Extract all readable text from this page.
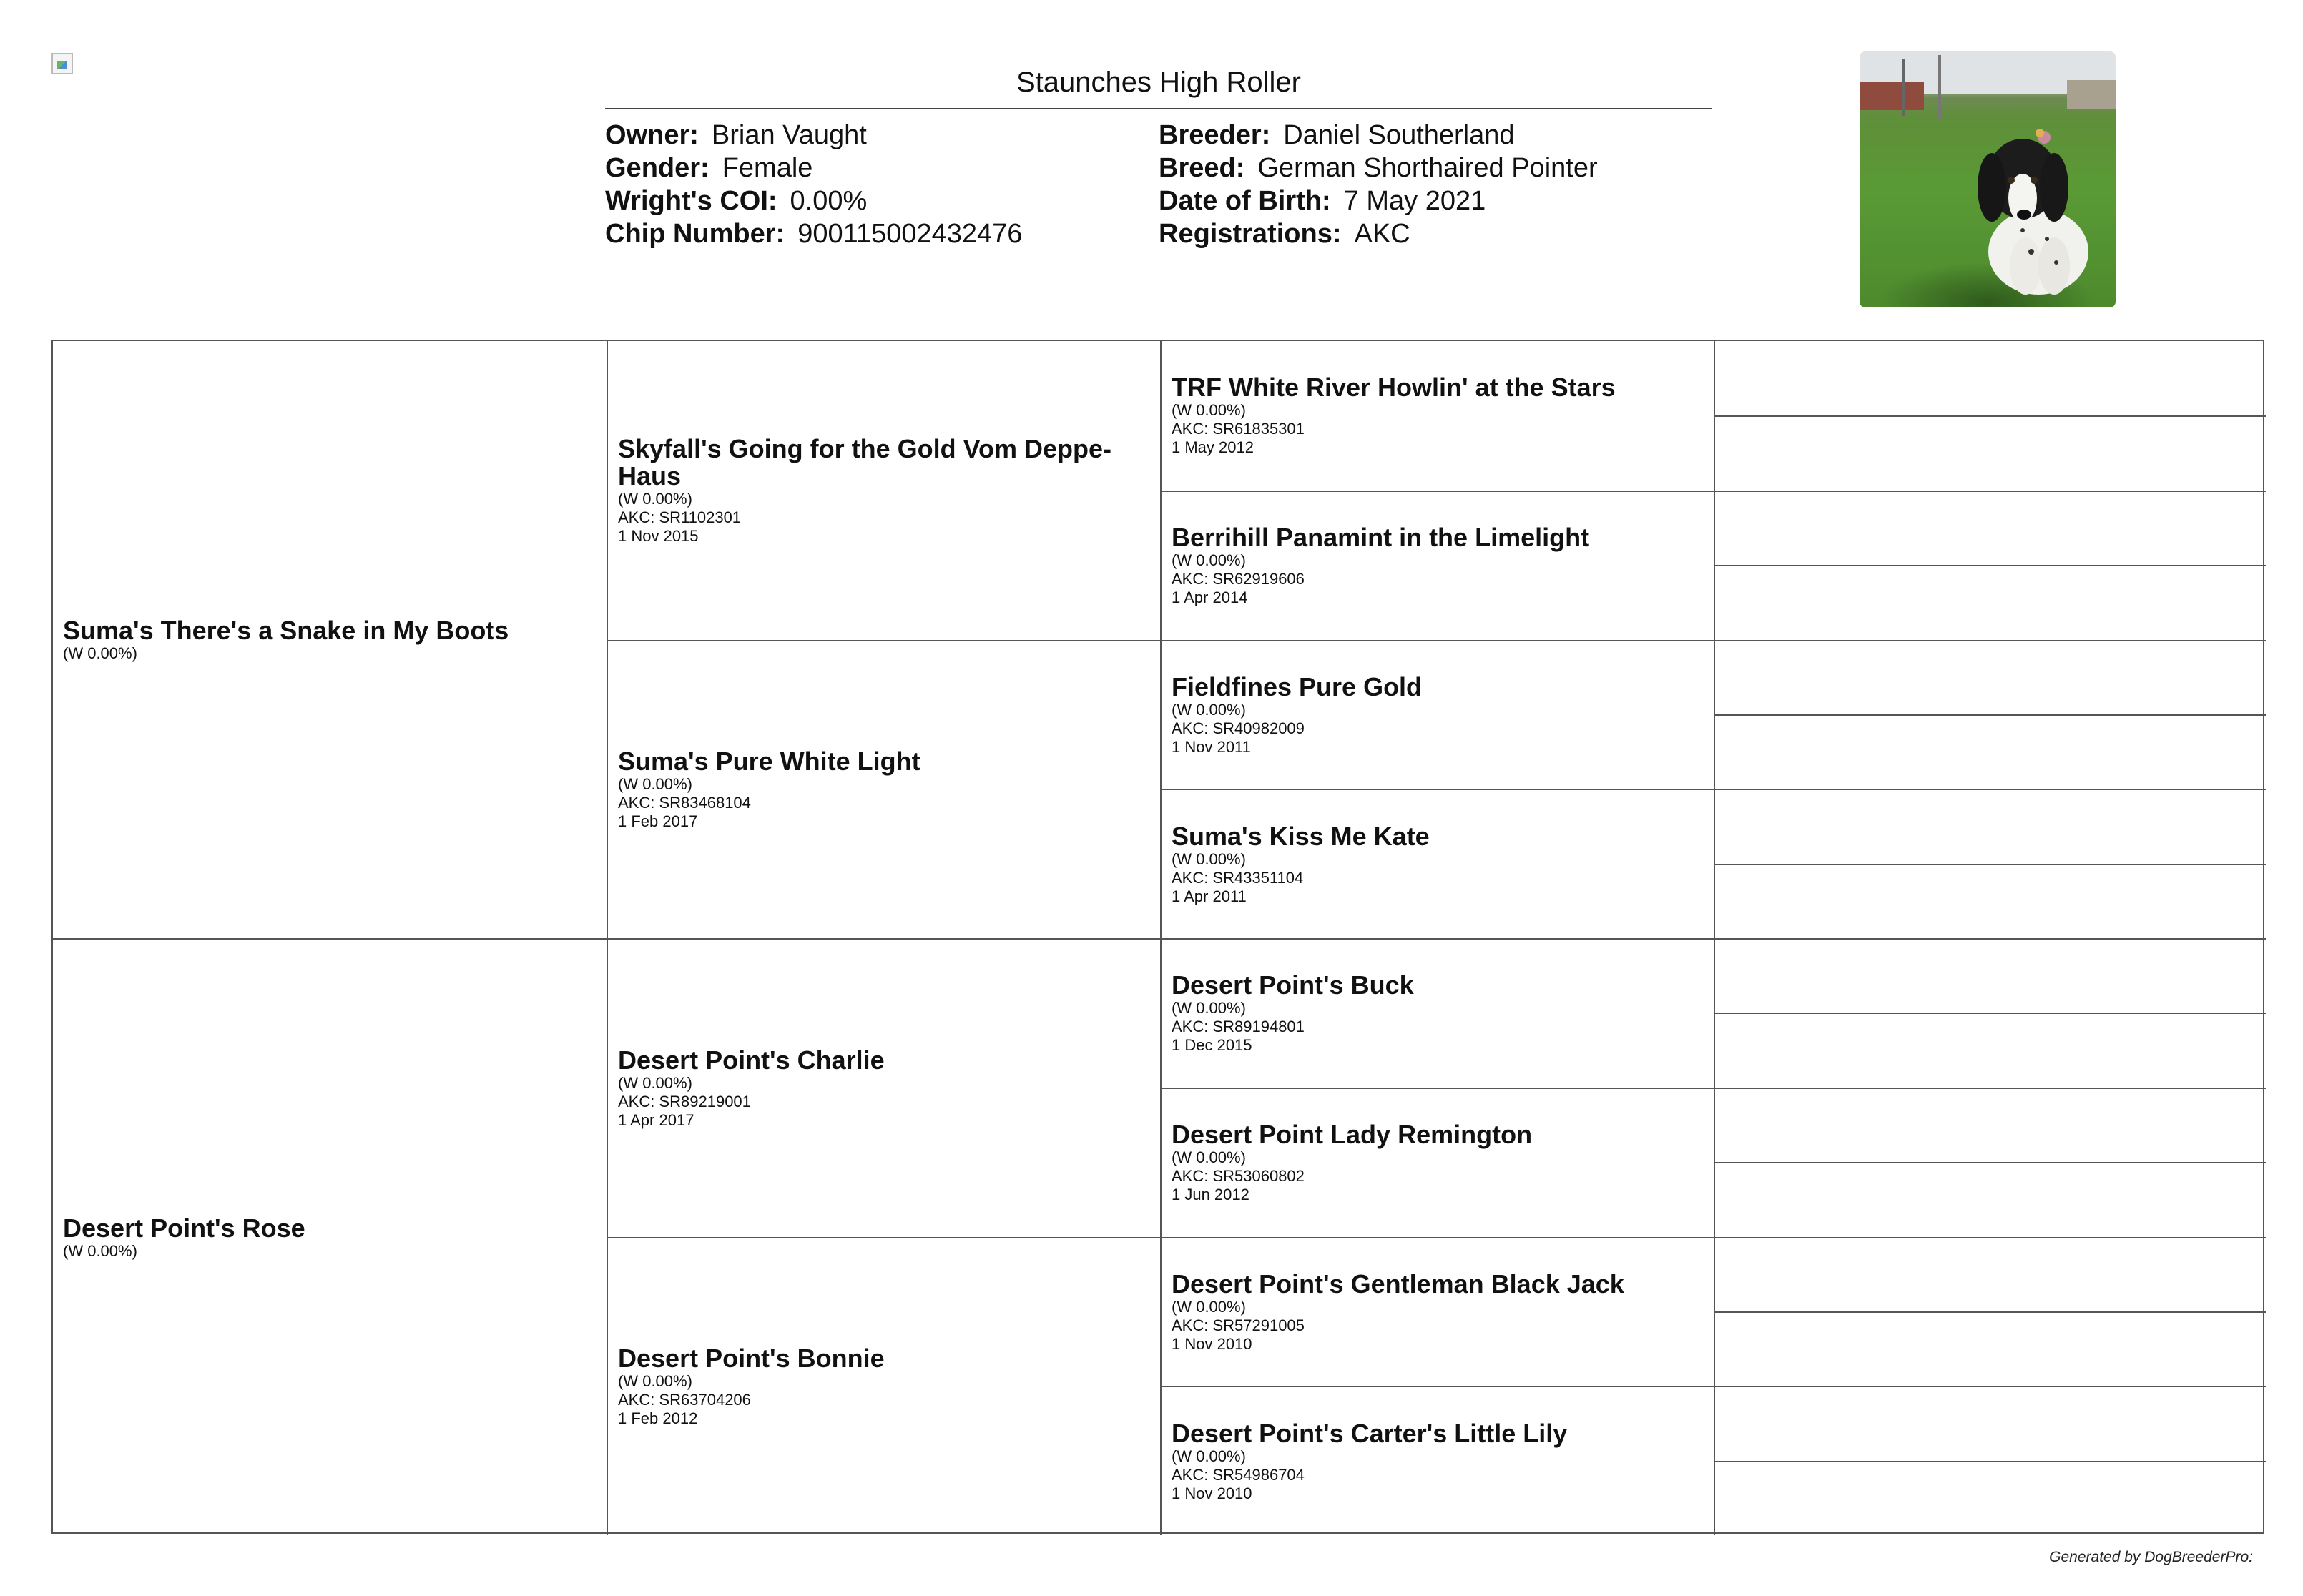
Staunches High Roller
Owner: Brian Vaught
Gender: Female
Wright's COI: 0.00%
Chip Number: 900115002432476
Breeder: Daniel Southerland
Breed: German Shorthaired Pointer
Date of Birth: 7 May 2021
Registrations: AKC
Suma's There's a Snake in My Boots
(W 0.00%)
Desert Point's Rose
(W 0.00%)
Skyfall's Going for the Gold Vom Deppe-Haus
(W 0.00%)
AKC: SR1102301
1 Nov 2015
Suma's Pure White Light
(W 0.00%)
AKC: SR83468104
1 Feb 2017
Desert Point's Charlie
(W 0.00%)
AKC: SR89219001
1 Apr 2017
Desert Point's Bonnie
(W 0.00%)
AKC: SR63704206
1 Feb 2012
TRF White River Howlin' at the Stars
(W 0.00%)
AKC: SR61835301
1 May 2012
Berrihill Panamint in the Limelight
(W 0.00%)
AKC: SR62919606
1 Apr 2014
Fieldfines Pure Gold
(W 0.00%)
AKC: SR40982009
1 Nov 2011
Suma's Kiss Me Kate
(W 0.00%)
AKC: SR43351104
1 Apr 2011
Desert Point's Buck
(W 0.00%)
AKC: SR89194801
1 Dec 2015
Desert Point Lady Remington
(W 0.00%)
AKC: SR53060802
1 Jun 2012
Desert Point's Gentleman Black Jack
(W 0.00%)
AKC: SR57291005
1 Nov 2010
Desert Point's Carter's Little Lily
(W 0.00%)
AKC: SR54986704
1 Nov 2010
Generated by DogBreederPro:
